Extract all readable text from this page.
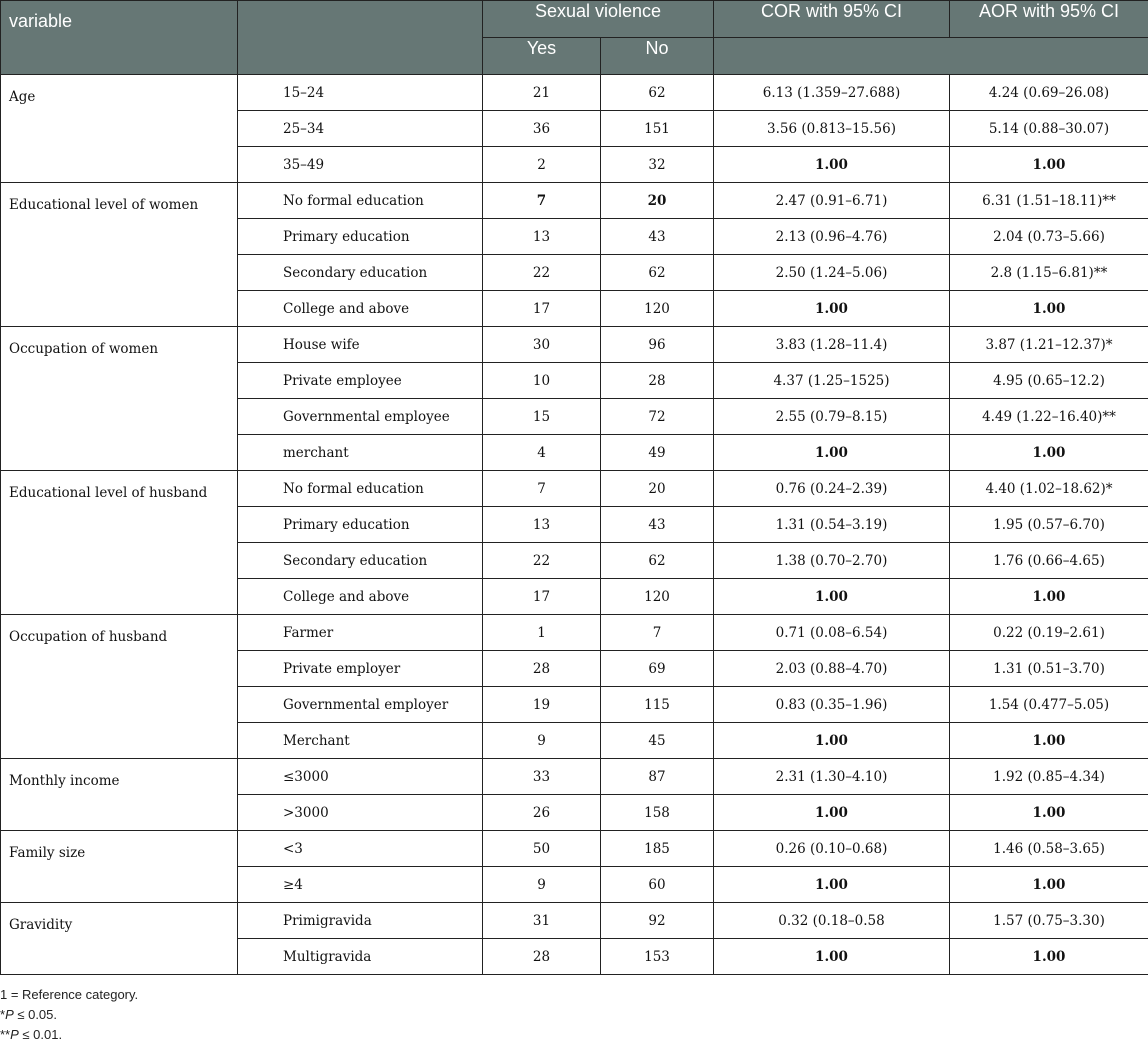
variable		Sexual violence		COR with 95% CI	AOR with 95% CI
		Yes	No		
Age	15–24	21	62	6.13 (1.359–27.688)	4.24 (0.69–26.08)
	25–34	36	151	3.56 (0.813–15.56)	5.14 (0.88–30.07)
	35–49	2	32	1.00	1.00
Educational level of women	No formal education	7	20	2.47 (0.91–6.71)	6.31 (1.51–18.11)**
	Primary education	13	43	2.13 (0.96–4.76)	2.04 (0.73–5.66)
	Secondary education	22	62	2.50 (1.24–5.06)	2.8 (1.15–6.81)**
	College and above	17	120	1.00	1.00
Occupation of women	House wife	30	96	3.83 (1.28–11.4)	3.87 (1.21–12.37)*
	Private employee	10	28	4.37 (1.25–1525)	4.95 (0.65–12.2)
	Governmental employee	15	72	2.55 (0.79–8.15)	4.49 (1.22–16.40)**
	merchant	4	49	1.00	1.00
Educational level of husband	No formal education	7	20	0.76 (0.24–2.39)	4.40 (1.02–18.62)*
	Primary education	13	43	1.31 (0.54–3.19)	1.95 (0.57–6.70)
	Secondary education	22	62	1.38 (0.70–2.70)	1.76 (0.66–4.65)
	College and above	17	120	1.00	1.00
Occupation of husband	Farmer	1	7	0.71 (0.08–6.54)	0.22 (0.19–2.61)
	Private employer	28	69	2.03 (0.88–4.70)	1.31 (0.51–3.70)
	Governmental employer	19	115	0.83 (0.35–1.96)	1.54 (0.477–5.05)
	Merchant	9	45	1.00	1.00
Monthly income	≤3000	33	87	2.31 (1.30–4.10)	1.92 (0.85–4.34)
	>3000	26	158	1.00	1.00
Family size	<3	50	185	0.26 (0.10–0.68)	1.46 (0.58–3.65)
	≥4	9	60	1.00	1.00
Gravidity	Primigravida	31	92	0.32 (0.18–0.58	1.57 (0.75–3.30)
	Multigravida	28	153	1.00	1.00
1 = Reference category.
*P ≤ 0.05.
**P ≤ 0.01.
